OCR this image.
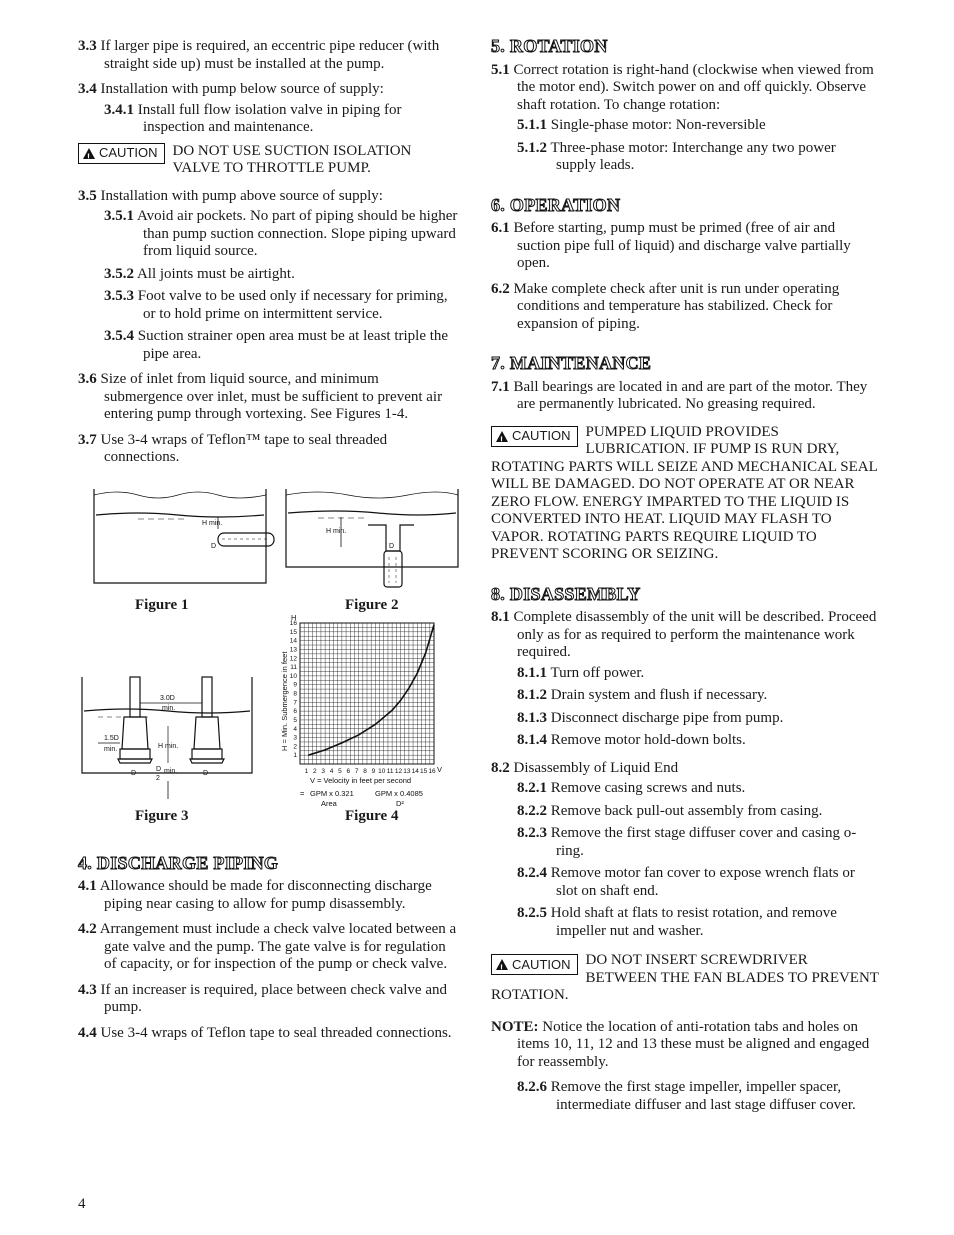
3.3 If larger pipe is required, an eccentric pipe reducer (with straight side up) must be installed at the pump.

3.4 Installation with pump below source of supply:

3.4.1 Install full flow isolation valve in piping for inspection and maintenance.

! CAUTION DO NOT USE SUCTION ISOLATION VALVE TO THROTTLE PUMP.

3.5 Installation with pump above source of supply:

3.5.1 Avoid air pockets. No part of piping should be higher than pump suction connection. Slope piping upward from liquid source.

3.5.2 All joints must be airtight.

3.5.3 Foot valve to be used only if necessary for priming, or to hold prime on intermittent service.

3.5.4 Suction strainer open area must be at least triple the pipe area.

3.6 Size of inlet from liquid source, and minimum submergence over inlet, must be sufficient to prevent air entering pump through vortexing. See Figures 1-4.

3.7 Use 3-4 wraps of Teflon™ tape to seal threaded connections.

H min.
D
H min.
D
3.0D
min.
1.5D
min.	H min.
D
D
2
min.	D
1
2
3
4
5
6
7
8
9
10
11
12
13
14
15
16
1 2 3 4 5 6 7 8 9 10 11 12 13 14 15 16
H
V
H = Min. Submergence in feet
V = Velocity in feet per second
= GPM x 0.321
Area
GPM x 0.4085
D²
Figure 1	Figure 2
Figure 3	Figure 4
4. DISCHARGE PIPING

4.1 Allowance should be made for disconnecting discharge piping near casing to allow for pump disassembly.

4.2 Arrangement must include a check valve located between a gate valve and the pump. The gate valve is for regulation of capacity, or for inspection of the pump or check valve.

4.3 If an increaser is required, place between check valve and pump.

4.4 Use 3-4 wraps of Teflon tape to seal threaded connections.

5. ROTATION

5.1 Correct rotation is right-hand (clockwise when viewed from the motor end). Switch power on and off quickly. Observe shaft rotation. To change rotation:

5.1.1 Single-phase motor: Non-reversible

5.1.2 Three-phase motor: Interchange any two power supply leads.

6. OPERATION

6.1 Before starting, pump must be primed (free of air and suction pipe full of liquid) and discharge valve partially open.

6.2 Make complete check after unit is run under operating conditions and temperature has stabilized. Check for expansion of piping.

7. MAINTENANCE

7.1 Ball bearings are located in and are part of the motor. They are permanently lubricated. No greasing required.

! CAUTION PUMPED LIQUID PROVIDES LUBRICATION. IF PUMP IS RUN DRY, ROTATING PARTS WILL SEIZE AND MECHANICAL SEAL WILL BE DAMAGED. DO NOT OPERATE AT OR NEAR ZERO FLOW. ENERGY IMPARTED TO THE LIQUID IS CONVERTED INTO HEAT. LIQUID MAY FLASH TO VAPOR. ROTATING PARTS REQUIRE LIQUID TO PREVENT SCORING OR SEIZING.
8. DISASSEMBLY

8.1 Complete disassembly of the unit will be described. Proceed only as for as required to perform the maintenance work required.

8.1.1 Turn off power.

8.1.2 Drain system and flush if necessary.

8.1.3 Disconnect discharge pipe from pump.

8.1.4 Remove motor hold-down bolts.

8.2 Disassembly of Liquid End

8.2.1 Remove casing screws and nuts.

8.2.2 Remove back pull-out assembly from casing.

8.2.3 Remove the first stage diffuser cover and casing o-ring.

8.2.4 Remove motor fan cover to expose wrench flats or slot on shaft end.

8.2.5 Hold shaft at flats to resist rotation, and remove impeller nut and washer.

! CAUTION DO NOT INSERT SCREWDRIVER BETWEEN THE FAN BLADES TO PREVENT ROTATION.

NOTE: Notice the location of anti-rotation tabs and holes on items 10, 11, 12 and 13 these must be aligned and engaged for reassembly.

8.2.6 Remove the first stage impeller, impeller spacer, intermediate diffuser and last stage diffuser cover.

4
